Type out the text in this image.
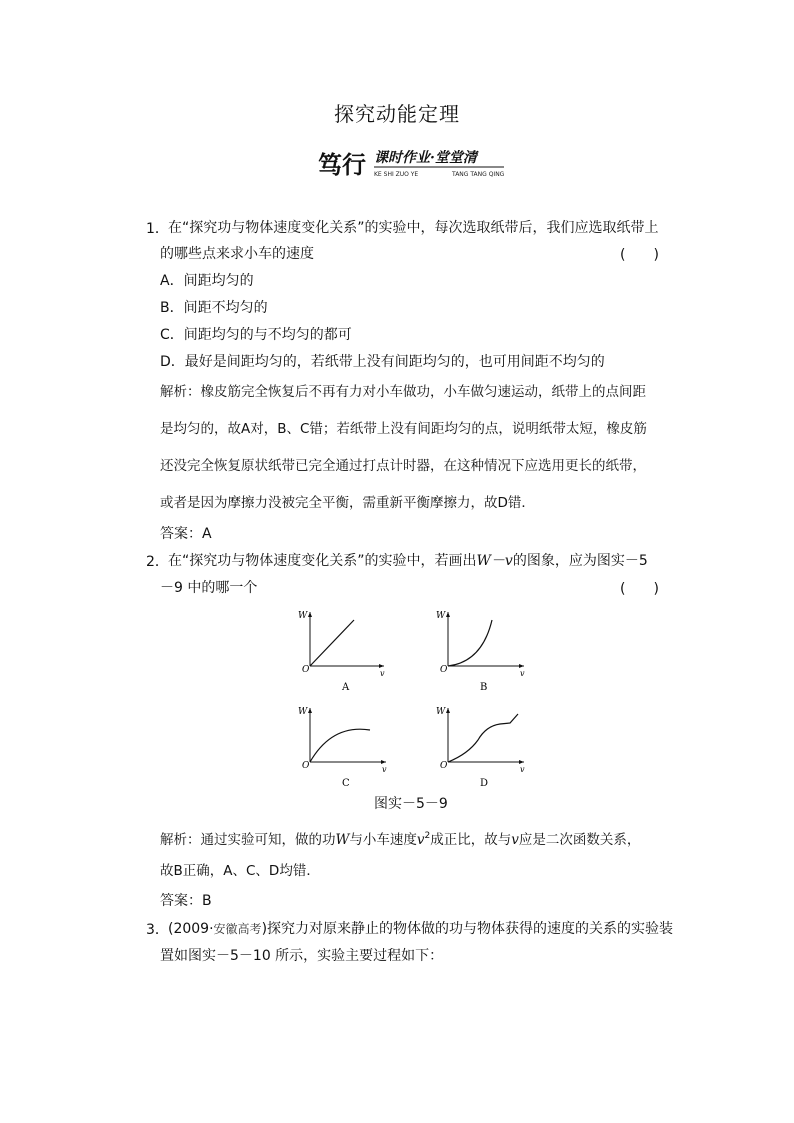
探究动能定理
笃行 课时作业·堂堂清
KE SHI ZUO YE	TANG TANG QING
1． 在“探究功与物体速度变化关系”的实验中，每次选取纸带后，我们应选取纸带上
的哪些点来求小车的速度	(　　)
A．间距均匀的
B．间距不均匀的
C．间距均匀的与不均匀的都可
D．最好是间距均匀的，若纸带上没有间距均匀的，也可用间距不均匀的
解析：橡皮筋完全恢复后不再有力对小车做功，小车做匀速运动，纸带上的点间距
是均匀的，故A对，B、C错；若纸带上没有间距均匀的点，说明纸带太短，橡皮筋
还没完全恢复原状纸带已完全通过打点计时器，在这种情况下应选用更长的纸带，
或者是因为摩擦力没被完全平衡，需重新平衡摩擦力，故D错．
答案：A
2． 在“探究功与物体速度变化关系”的实验中，若画出W－v的图象，应为图实－5
－9 中的哪一个	(　　)
W
O	v
A
W
O	v
B
W
O	v
C
W
O	v
D
图实－5－9
解析：通过实验可知，做的功W与小车速度$v^2$成正比，故与v应是二次函数关系，
故B正确，A、C、D均错．
答案：B
3． (2009·安徽高考)探究力对原来静止的物体做的功与物体获得的速度的关系的实验装
置如图实－5－10 所示，实验主要过程如下：
